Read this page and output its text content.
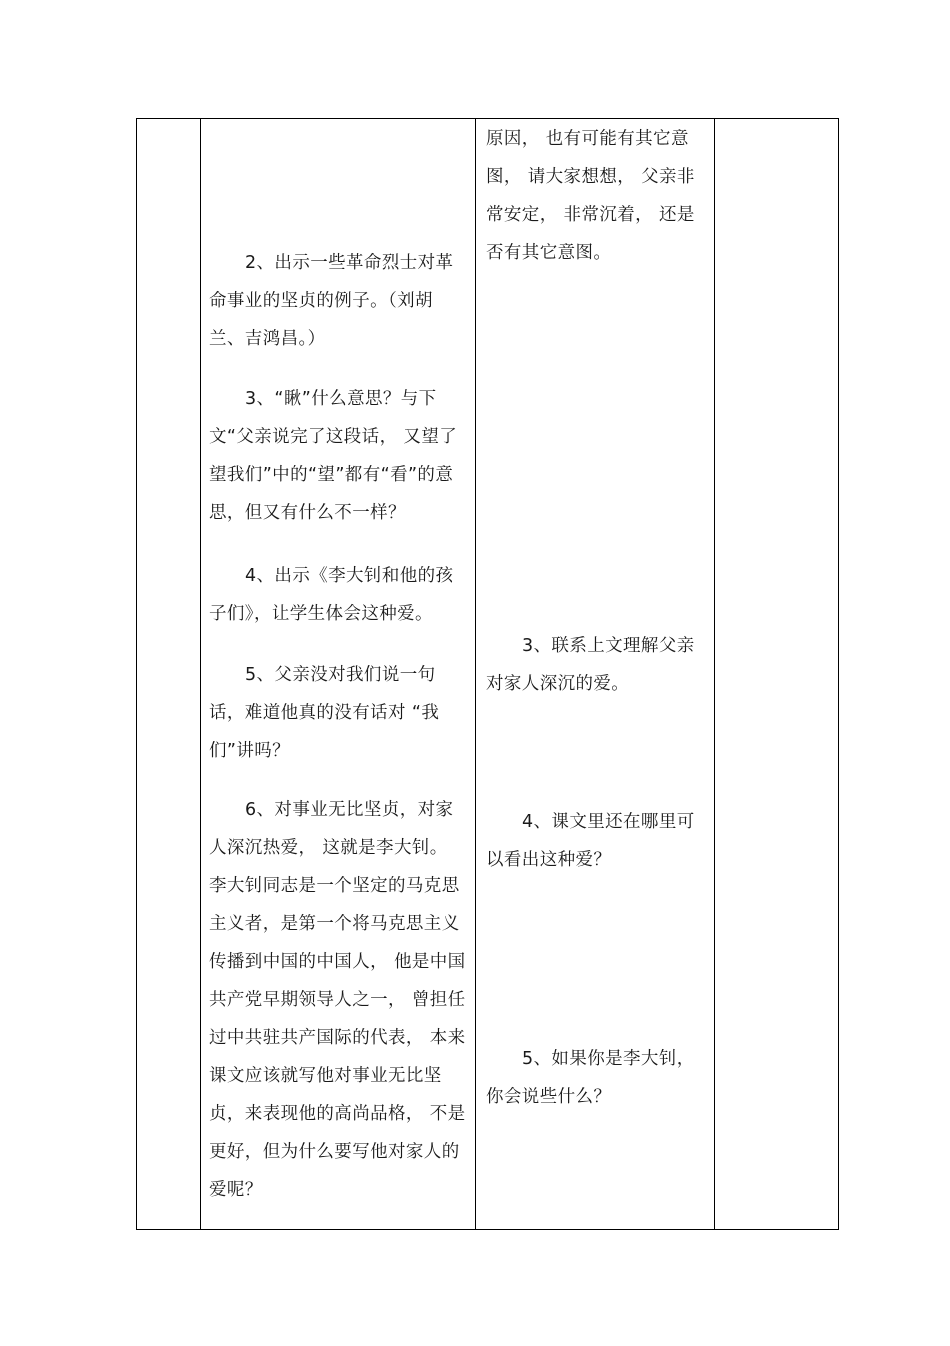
2、出示一些革命烈士对革命事业的坚贞的例子。（刘胡兰、吉鸿昌。）
3、“瞅”什么意思？与下文“父亲说完了这段话， 又望了望我们”中的“望”都有“看”的意思，但又有什么不一样？
4、出示《李大钊和他的孩子们》，让学生体会这种爱。
5、父亲没对我们说一句话，难道他真的没有话对 “我们”讲吗？
6、对事业无比坚贞，对家人深沉热爱， 这就是李大钊。 李大钊同志是一个坚定的马克思主义者，是第一个将马克思主义传播到中国的中国人， 他是中国共产党早期领导人之一， 曾担任过中共驻共产国际的代表， 本来课文应该就写他对事业无比坚贞，来表现他的高尚品格， 不是更好，但为什么要写他对家人的爱呢？
原因， 也有可能有其它意图， 请大家想想， 父亲非常安定， 非常沉着， 还是否有其它意图。
3、联系上文理解父亲对家人深沉的爱。
4、课文里还在哪里可以看出这种爱？
5、如果你是李大钊，你会说些什么？
